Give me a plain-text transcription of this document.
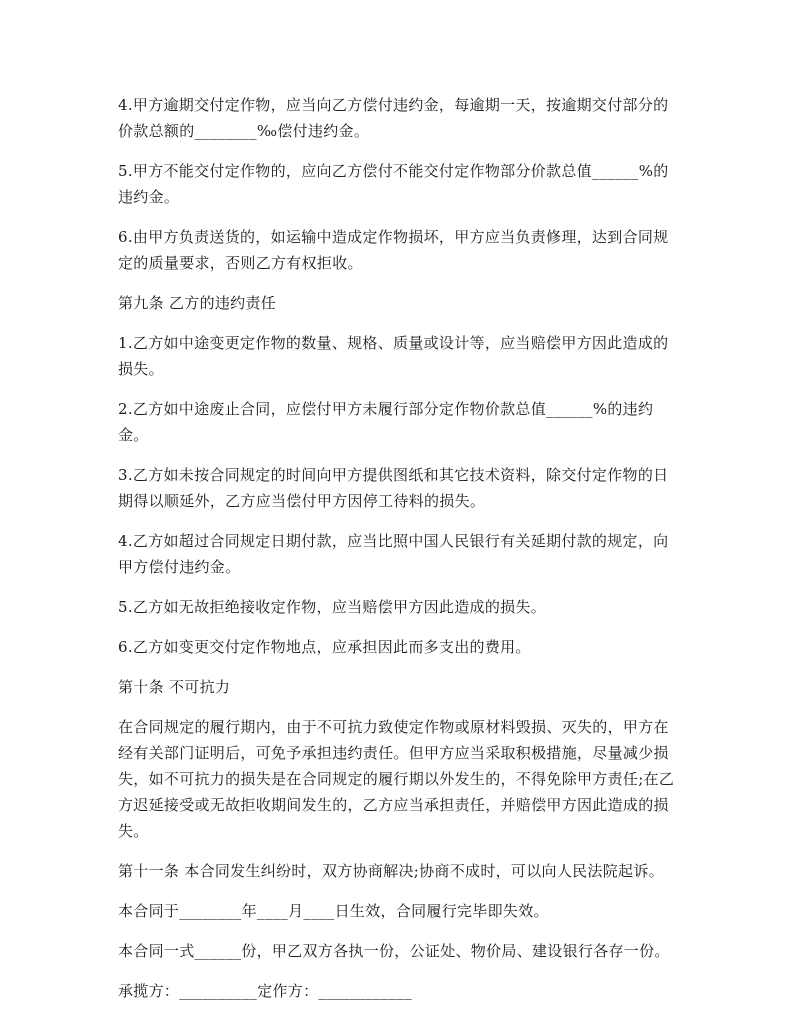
4.甲方逾期交付定作物，应当向乙方偿付违约金，每逾期一天，按逾期交付部分的价款总额的________‰偿付违约金。

5.甲方不能交付定作物的，应向乙方偿付不能交付定作物部分价款总值______%的违约金。

6.由甲方负责送货的，如运输中造成定作物损坏，甲方应当负责修理，达到合同规定的质量要求，否则乙方有权拒收。

第九条 乙方的违约责任

1.乙方如中途变更定作物的数量、规格、质量或设计等，应当赔偿甲方因此造成的损失。

2.乙方如中途废止合同，应偿付甲方未履行部分定作物价款总值______%的违约金。

3.乙方如未按合同规定的时间向甲方提供图纸和其它技术资料，除交付定作物的日期得以顺延外，乙方应当偿付甲方因停工待料的损失。

4.乙方如超过合同规定日期付款，应当比照中国人民银行有关延期付款的规定，向甲方偿付违约金。

5.乙方如无故拒绝接收定作物，应当赔偿甲方因此造成的损失。

6.乙方如变更交付定作物地点，应承担因此而多支出的费用。

第十条 不可抗力

在合同规定的履行期内，由于不可抗力致使定作物或原材料毁损、灭失的，甲方在经有关部门证明后，可免予承担违约责任。但甲方应当采取积极措施，尽量减少损失，如不可抗力的损失是在合同规定的履行期以外发生的，不得免除甲方责任;在乙方迟延接受或无故拒收期间发生的，乙方应当承担责任，并赔偿甲方因此造成的损失。

第十一条 本合同发生纠纷时，双方协商解决;协商不成时，可以向人民法院起诉。

本合同于________年____月____日生效，合同履行完毕即失效。

本合同一式______份，甲乙双方各执一份，公证处、物价局、建设银行各存一份。

承揽方： __________ 定作方： ____________
